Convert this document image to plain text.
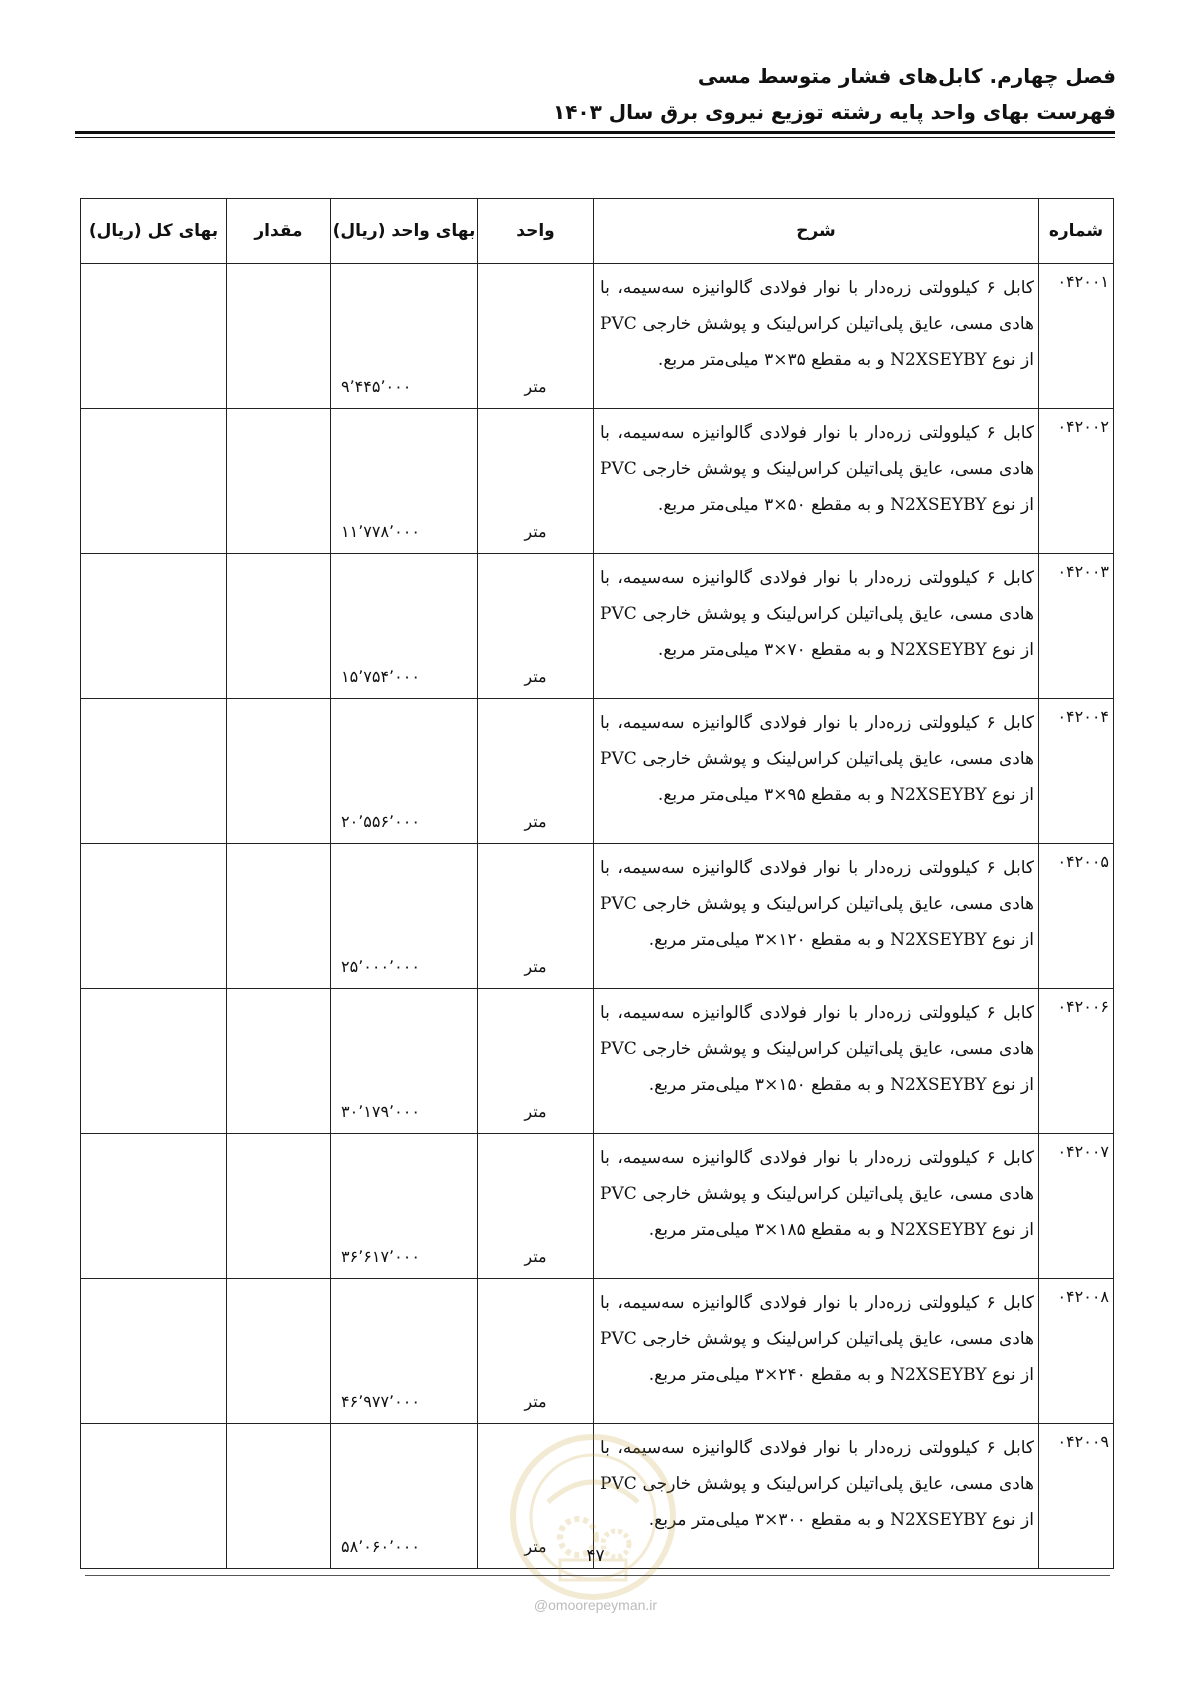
فصل چهارم. کابل‌های فشار متوسط مسی
فهرست بهای واحد پایه رشته توزیع نیروی برق سال ۱۴۰۳
شماره	شرح	واحد	بهای واحد (ریال)	مقدار	بهای کل (ریال)
۰۴۲۰۰۱	کابل ۶ کیلوولتی زره‌دار با نوار فولادی گالوانیزه سه‌سیمه، با هادی مسی، عایق پلی‌اتیلن کراس‌لینک و پوشش خارجی PVC از نوع N2XSEYBY و به مقطع ۳۵×۳ میلی‌متر مربع.	متر	۹٬۴۴۵٬۰۰۰		
۰۴۲۰۰۲	کابل ۶ کیلوولتی زره‌دار با نوار فولادی گالوانیزه سه‌سیمه، با هادی مسی، عایق پلی‌اتیلن کراس‌لینک و پوشش خارجی PVC از نوع N2XSEYBY و به مقطع ۵۰×۳ میلی‌متر مربع.	متر	۱۱٬۷۷۸٬۰۰۰		
۰۴۲۰۰۳	کابل ۶ کیلوولتی زره‌دار با نوار فولادی گالوانیزه سه‌سیمه، با هادی مسی، عایق پلی‌اتیلن کراس‌لینک و پوشش خارجی PVC از نوع N2XSEYBY و به مقطع ۷۰×۳ میلی‌متر مربع.	متر	۱۵٬۷۵۴٬۰۰۰		
۰۴۲۰۰۴	کابل ۶ کیلوولتی زره‌دار با نوار فولادی گالوانیزه سه‌سیمه، با هادی مسی، عایق پلی‌اتیلن کراس‌لینک و پوشش خارجی PVC از نوع N2XSEYBY و به مقطع ۹۵×۳ میلی‌متر مربع.	متر	۲۰٬۵۵۶٬۰۰۰		
۰۴۲۰۰۵	کابل ۶ کیلوولتی زره‌دار با نوار فولادی گالوانیزه سه‌سیمه، با هادی مسی، عایق پلی‌اتیلن کراس‌لینک و پوشش خارجی PVC از نوع N2XSEYBY و به مقطع ۱۲۰×۳ میلی‌متر مربع.	متر	۲۵٬۰۰۰٬۰۰۰		
۰۴۲۰۰۶	کابل ۶ کیلوولتی زره‌دار با نوار فولادی گالوانیزه سه‌سیمه، با هادی مسی، عایق پلی‌اتیلن کراس‌لینک و پوشش خارجی PVC از نوع N2XSEYBY و به مقطع ۱۵۰×۳ میلی‌متر مربع.	متر	۳۰٬۱۷۹٬۰۰۰		
۰۴۲۰۰۷	کابل ۶ کیلوولتی زره‌دار با نوار فولادی گالوانیزه سه‌سیمه، با هادی مسی، عایق پلی‌اتیلن کراس‌لینک و پوشش خارجی PVC از نوع N2XSEYBY و به مقطع ۱۸۵×۳ میلی‌متر مربع.	متر	۳۶٬۶۱۷٬۰۰۰		
۰۴۲۰۰۸	کابل ۶ کیلوولتی زره‌دار با نوار فولادی گالوانیزه سه‌سیمه، با هادی مسی، عایق پلی‌اتیلن کراس‌لینک و پوشش خارجی PVC از نوع N2XSEYBY و به مقطع ۲۴۰×۳ میلی‌متر مربع.	متر	۴۶٬۹۷۷٬۰۰۰		
۰۴۲۰۰۹	کابل ۶ کیلوولتی زره‌دار با نوار فولادی گالوانیزه سه‌سیمه، با هادی مسی، عایق پلی‌اتیلن کراس‌لینک و پوشش خارجی PVC از نوع N2XSEYBY و به مقطع ۳۰۰×۳ میلی‌متر مربع.	متر	۵۸٬۰۶۰٬۰۰۰			۴۷
@omoorepeyman.ir
